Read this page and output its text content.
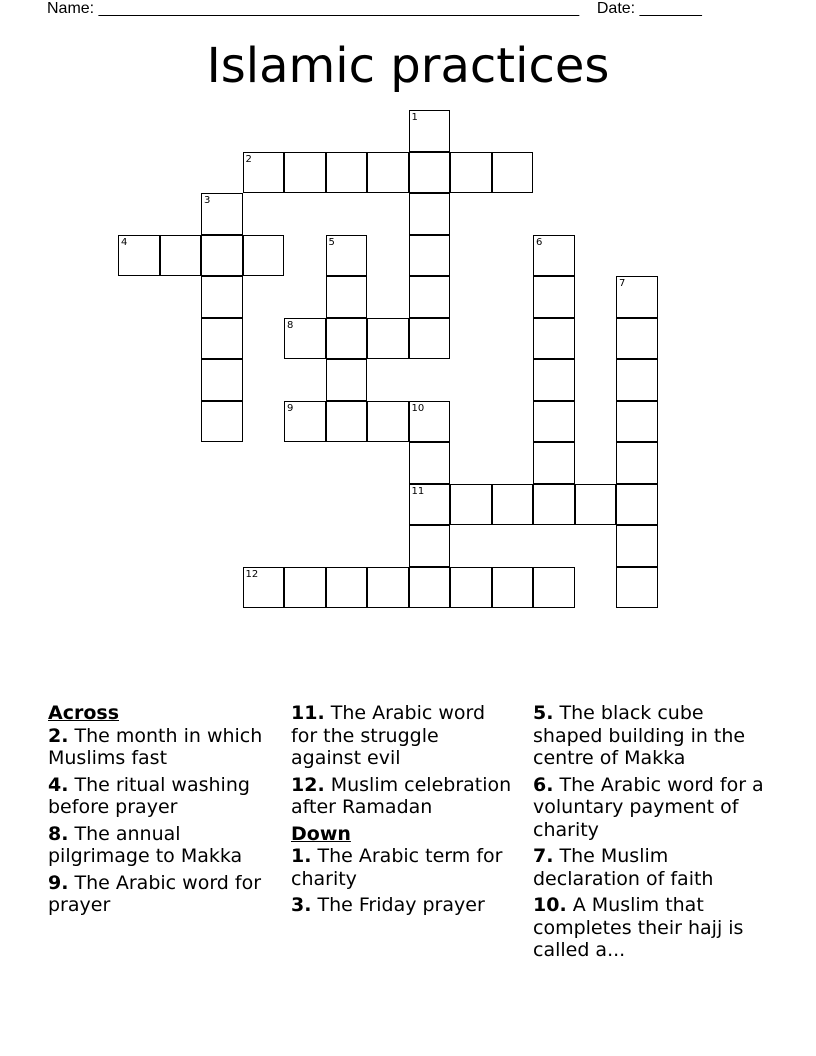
Name: ______________________________________________________ Date: _______
Islamic practices
1
2
3
4	5	6
7
8
9	10
11
12

Across

2. The month in which Muslims fast

4. The ritual washing before prayer

8. The annual pilgrimage to Makka

9. The Arabic word for prayer

11. The Arabic word for the struggle against evil

12. Muslim celebration after Ramadan

Down

1. The Arabic term for charity

3. The Friday prayer

5. The black cube shaped building in the centre of Makka

6. The Arabic word for a voluntary payment of charity

7. The Muslim declaration of faith

10. A Muslim that completes their hajj is called a...
